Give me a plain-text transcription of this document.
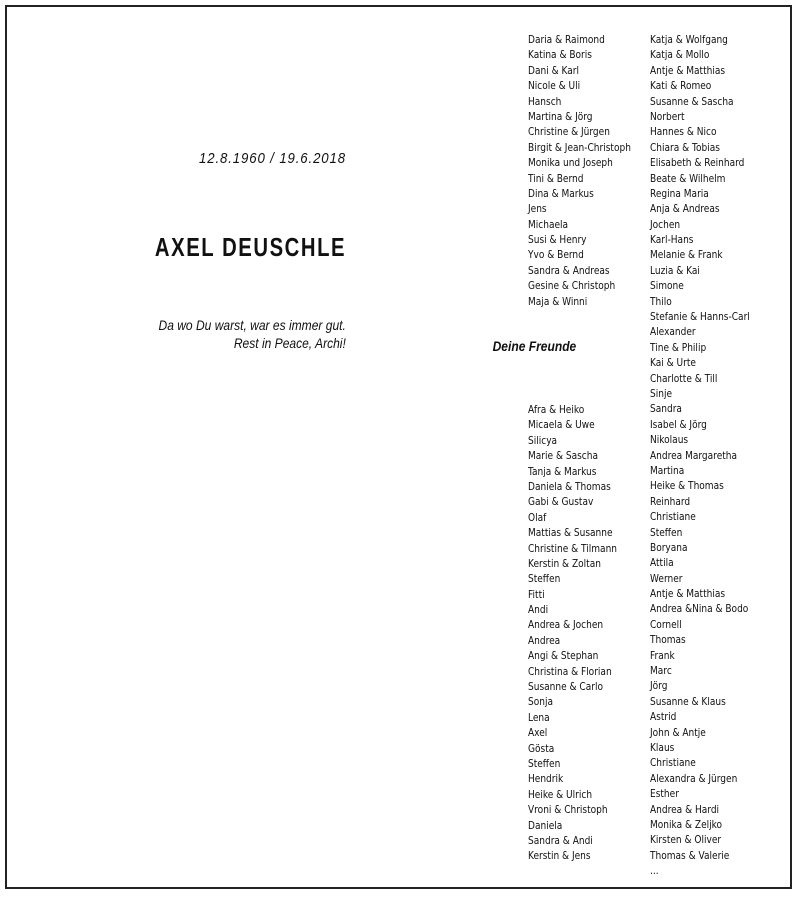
12.8.1960 / 19.6.2018
AXEL DEUSCHLE
Da wo Du warst, war es immer gut.
Rest in Peace, Archi!	Deine Freunde
Daria & Raimond
Katina & Boris
Dani & Karl
Nicole & Uli
Hansch
Martina & Jörg
Christine & Jürgen
Birgit & Jean-Christoph
Monika und Joseph
Tini & Bernd
Dina & Markus
Jens
Michaela
Susi & Henry
Yvo & Bernd
Sandra & Andreas
Gesine & Christoph
Maja & Winni
Afra & Heiko
Micaela & Uwe
Silicya
Marie & Sascha
Tanja & Markus
Daniela & Thomas
Gabi & Gustav
Olaf
Mattias & Susanne
Christine & Tilmann
Kerstin & Zoltan
Steffen
Fitti
Andi
Andrea & Jochen
Andrea
Angi & Stephan
Christina & Florian
Susanne & Carlo
Sonja
Lena
Axel
Gösta
Steffen
Hendrik
Heike & Ulrich
Vroni & Christoph
Daniela
Sandra & Andi
Kerstin & Jens
Katja & Wolfgang
Katja & Mollo
Antje & Matthias
Kati & Romeo
Susanne & Sascha
Norbert
Hannes & Nico
Chiara & Tobias
Elisabeth & Reinhard
Beate & Wilhelm
Regina Maria
Anja & Andreas
Jochen
Karl-Hans
Melanie & Frank
Luzia & Kai
Simone
Thilo
Stefanie & Hanns-Carl
Alexander
Tine & Philip
Kai & Urte
Charlotte & Till
Sinje
Sandra
Isabel & Jörg
Nikolaus
Andrea Margaretha
Martina
Heike & Thomas
Reinhard
Christiane
Steffen
Boryana
Attila
Werner
Antje & Matthias
Andrea &Nina & Bodo
Cornell
Thomas
Frank
Marc
Jörg
Susanne & Klaus
Astrid
John & Antje
Klaus
Christiane
Alexandra & Jürgen
Esther
Andrea & Hardi
Monika & Zeljko
Kirsten & Oliver
Thomas & Valerie
...
